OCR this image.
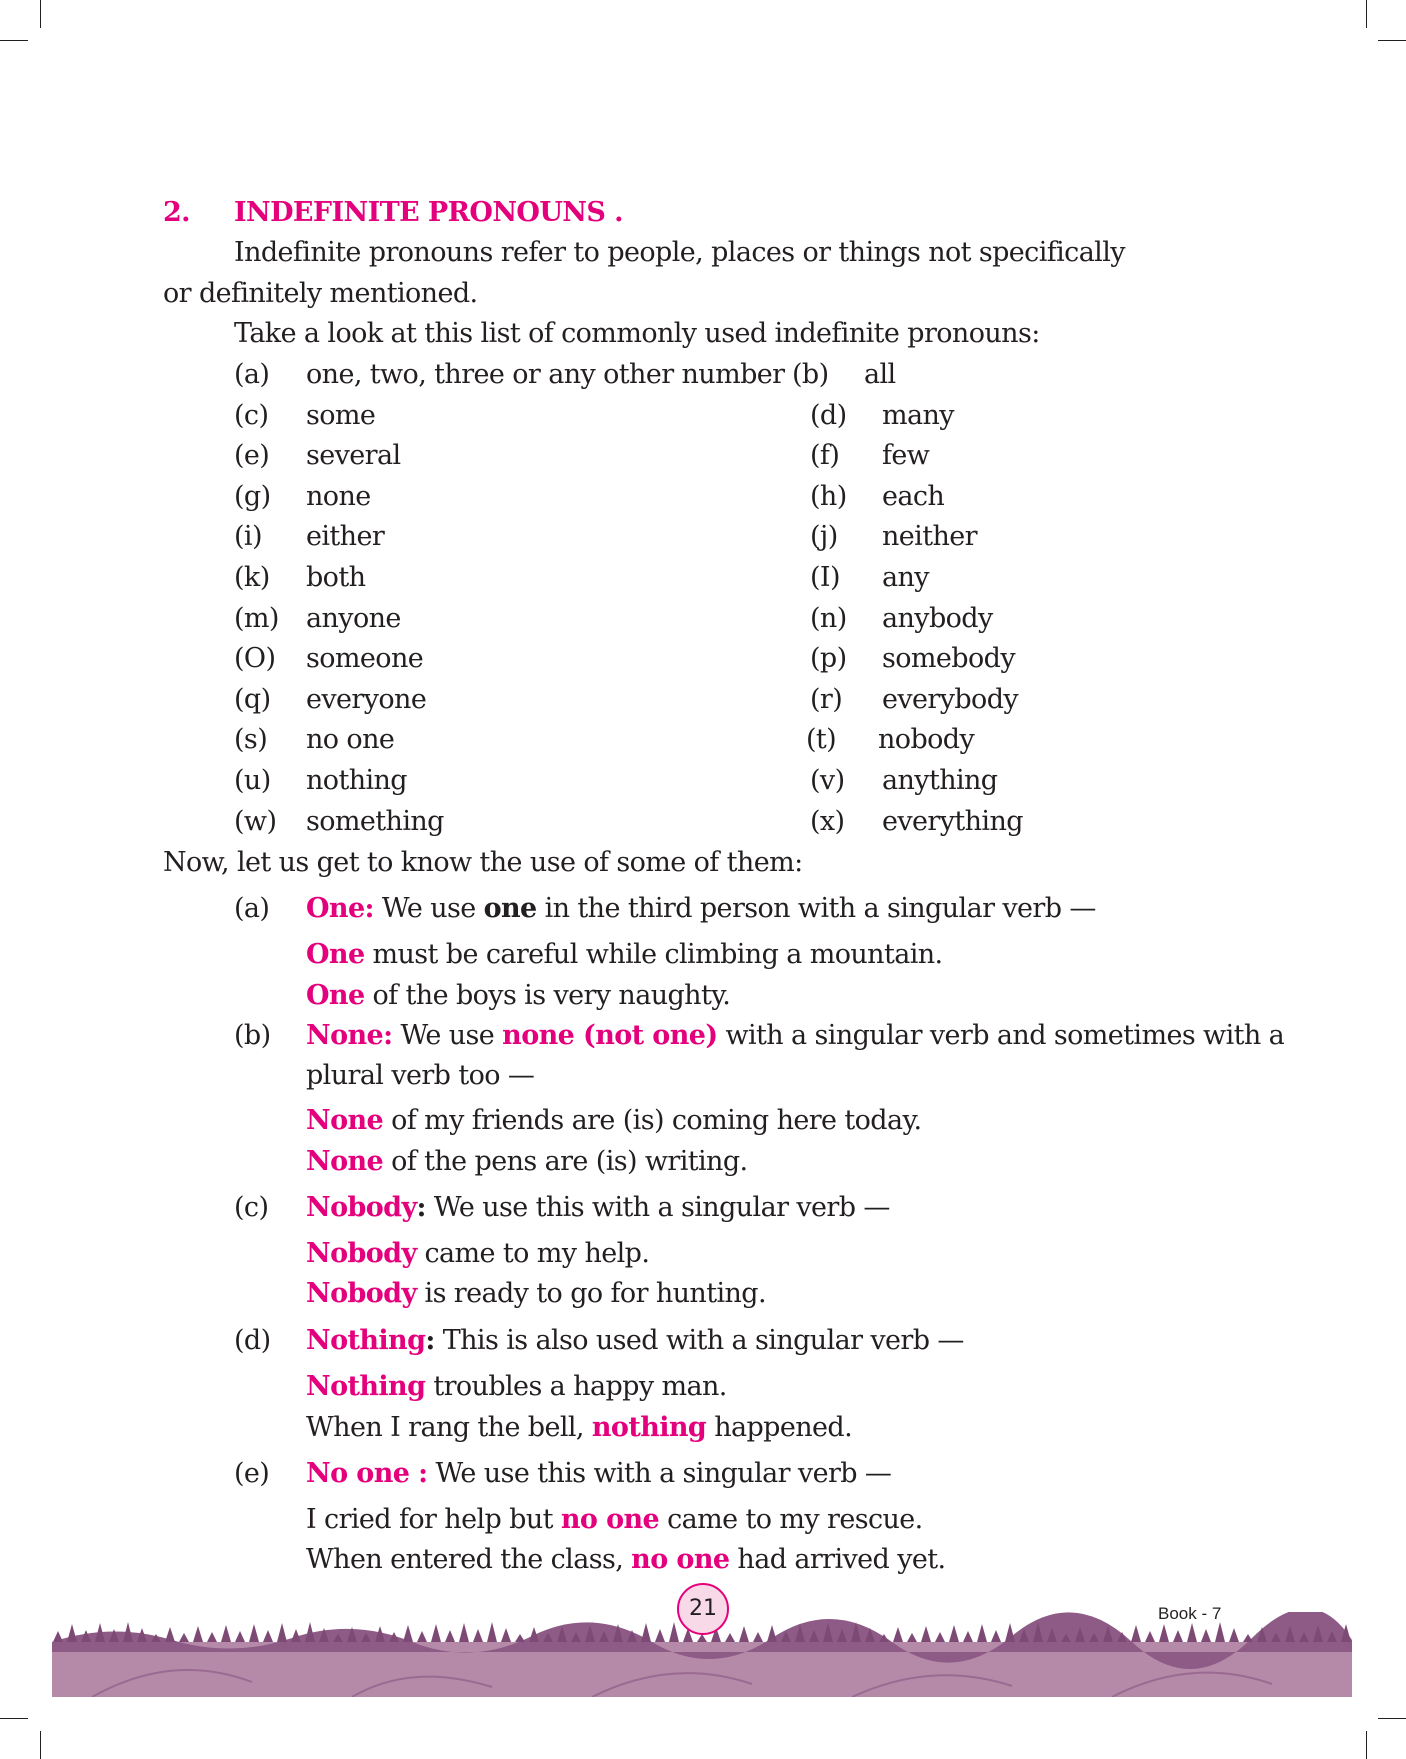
2. INDEFINITE PRONOUNS .
Indefinite pronouns refer to people, places or things not specifically
or definitely mentioned.
Take a look at this list of commonly used indefinite pronouns:
(a) one, two, three or any other number (b) all
(c) some	(d) many
(e) several	(f) few
(g) none	(h) each
(i) either	(j) neither
(k) both	(I) any
(m) anyone	(n) anybody
(O) someone	(p) somebody
(q) everyone	(r) everybody
(s) no one	(t) nobody
(u) nothing	(v) anything
(w) something	(x) everything
Now, let us get to know the use of some of them:
(a) One: We use one in the third person with a singular verb —
One must be careful while climbing a mountain.
One of the boys is very naughty.
(b) None: We use none (not one) with a singular verb and sometimes with a
plural verb too —
None of my friends are (is) coming here today.
None of the pens are (is) writing.
(c) Nobody: We use this with a singular verb —
Nobody came to my help.
Nobody is ready to go for hunting.
(d) Nothing: This is also used with a singular verb —
Nothing troubles a happy man.
When I rang the bell, nothing happened.
(e) No one : We use this with a singular verb —
I cried for help but no one came to my rescue.
When entered the class, no one had arrived yet.
21	Book - 7
